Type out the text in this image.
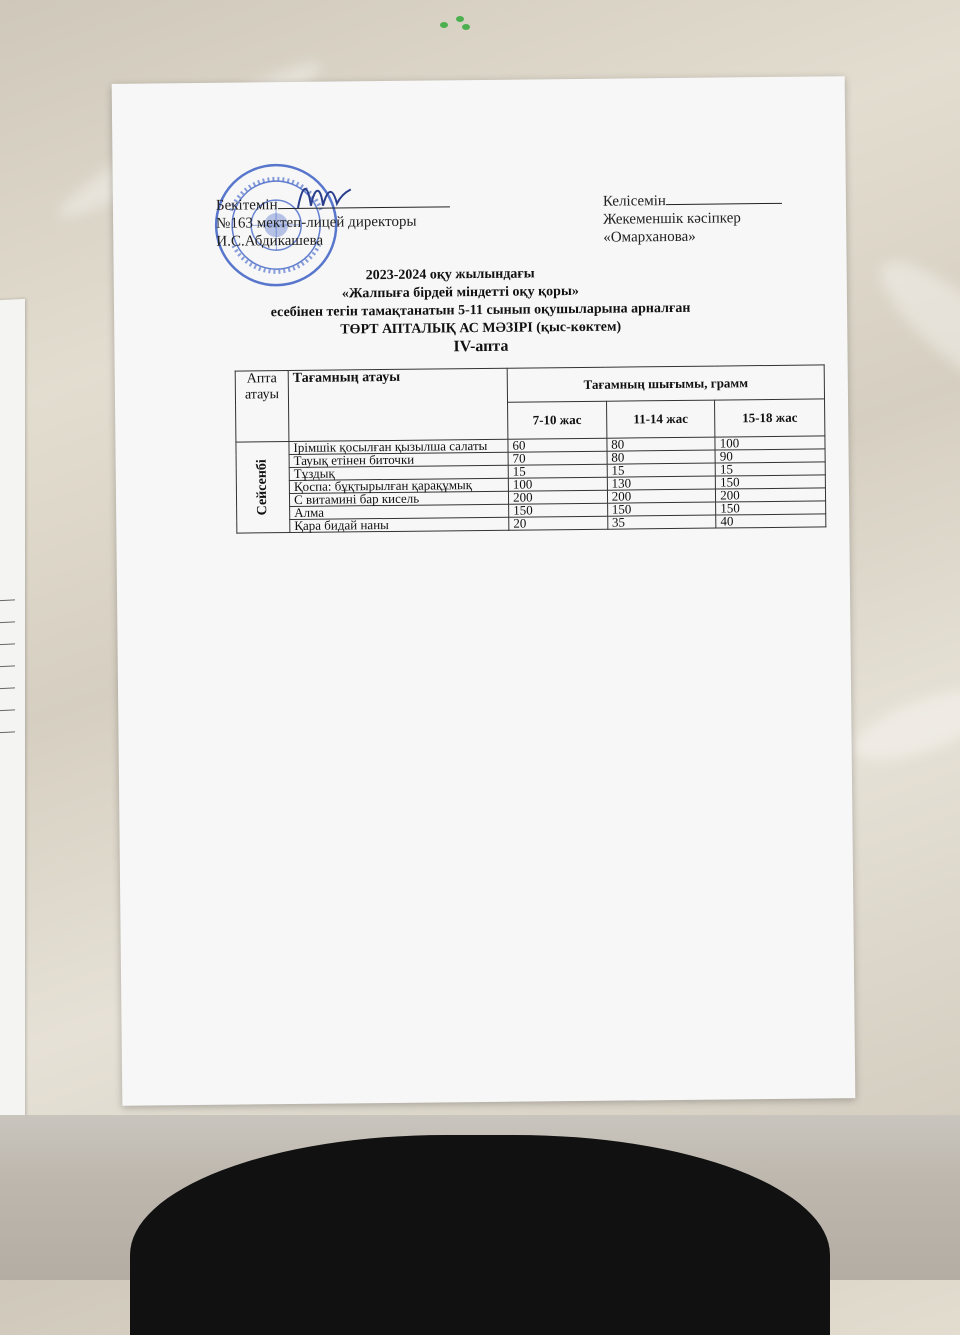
Бекітемін
№163 мектеп-лицей директоры
И.С.Абдикашева
Келісемін
Жекеменшік кәсіпкер
«Омарханова»
2023-2024 оқу жылындағы
«Жалпыға бірдей міндетті оқу қоры»
есебінен тегін тамақтанатын 5-11 сынып оқушыларына арналған
ТӨРТ АПТАЛЫҚ АС МӘЗІРІ (қыс-көктем)
IV-апта
Апта атауы	Тағамның атауы	Тағамның шығымы, грамм		
		7-10 жас	11-14 жас	15-18 жас

Сейсенбі	Ірімшік қосылған қызылша салаты	60	80	100
	Тауық етінен биточки	70	80	90
	Тұздық	15	15	15
	Қоспа: бұқтырылған қарақұмық	100	130	150
	С витамині бар кисель	200	200	200
	Алма	150	150	150
	Қара бидай наны	20	35	40
